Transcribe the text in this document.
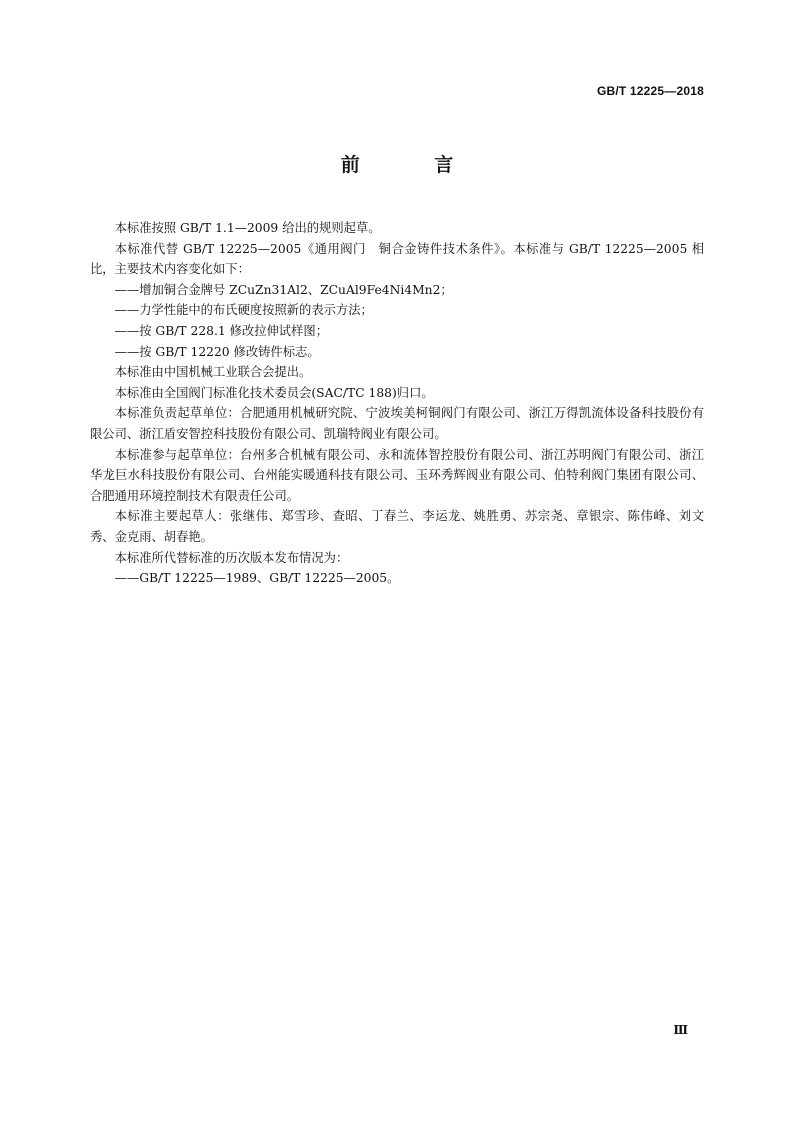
GB/T 12225—2018
前 言

本标准按照 GB/T 1.1—2009 给出的规则起草。

本标准代替 GB/T 12225—2005《通用阀门　铜合金铸件技术条件》。本标准与 GB/T 12225—2005 相比，主要技术内容变化如下：

——增加铜合金牌号 ZCuZn31Al2、ZCuAl9Fe4Ni4Mn2；

——力学性能中的布氏硬度按照新的表示方法；

——按 GB/T 228.1 修改拉伸试样图；

——按 GB/T 12220 修改铸件标志。

本标准由中国机械工业联合会提出。

本标准由全国阀门标准化技术委员会(SAC/TC 188)归口。

本标准负责起草单位：合肥通用机械研究院、宁波埃美柯铜阀门有限公司、浙江万得凯流体设备科技股份有限公司、浙江盾安智控科技股份有限公司、凯瑞特阀业有限公司。

本标准参与起草单位：台州多合机械有限公司、永和流体智控股份有限公司、浙江苏明阀门有限公司、浙江华龙巨水科技股份有限公司、台州能实暖通科技有限公司、玉环秀辉阀业有限公司、伯特利阀门集团有限公司、合肥通用环境控制技术有限责任公司。

本标准主要起草人：张继伟、郑雪珍、查昭、丁春兰、李运龙、姚胜勇、苏宗尧、章银宗、陈伟峰、刘文秀、金克雨、胡春艳。

本标准所代替标准的历次版本发布情况为：

——GB/T 12225—1989、GB/T 12225—2005。

Ⅲ
